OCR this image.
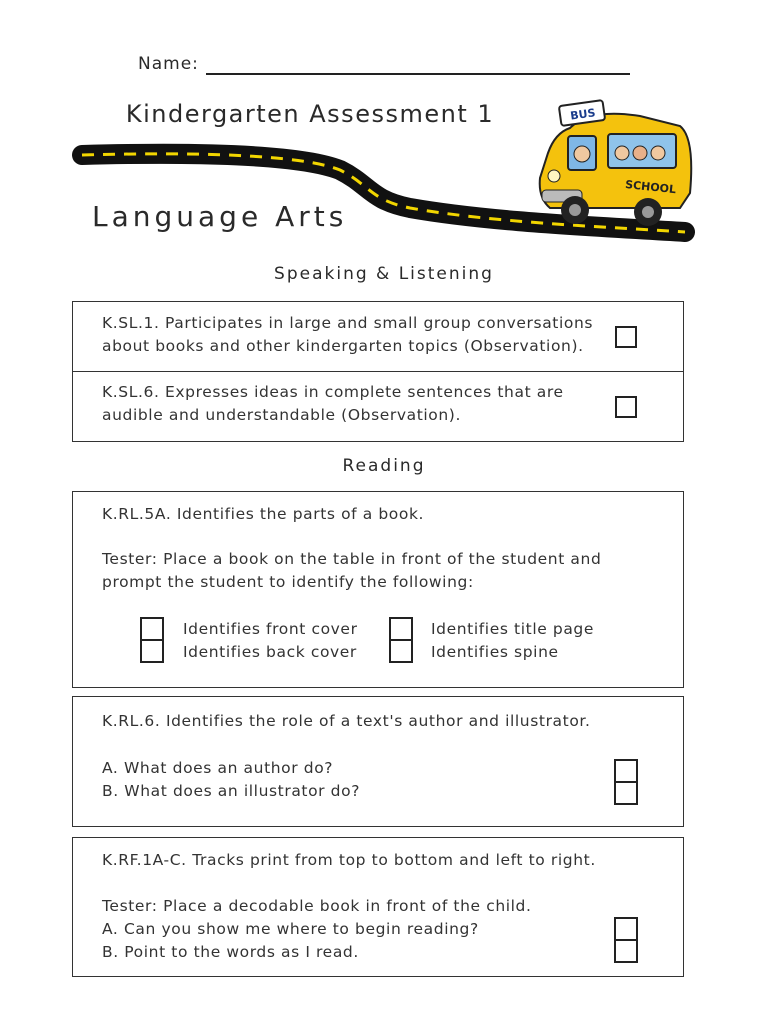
Name:
Kindergarten Assessment 1	BUS
SCHOOL
Language Arts
Speaking & Listening
K.SL.1. Participates in large and small group conversations
about books and other kindergarten topics (Observation).
K.SL.6. Expresses ideas in complete sentences that are
audible and understandable (Observation).
Reading
K.RL.5A. Identifies the parts of a book.
Tester: Place a book on the table in front of the student and
prompt the student to identify the following:
Identifies front cover
Identifies back cover
Identifies title page
Identifies spine
K.RL.6. Identifies the role of a text's author and illustrator.
A. What does an author do?
B. What does an illustrator do?
K.RF.1A-C. Tracks print from top to bottom and left to right.
Tester: Place a decodable book in front of the child.
A. Can you show me where to begin reading?
B. Point to the words as I read.
